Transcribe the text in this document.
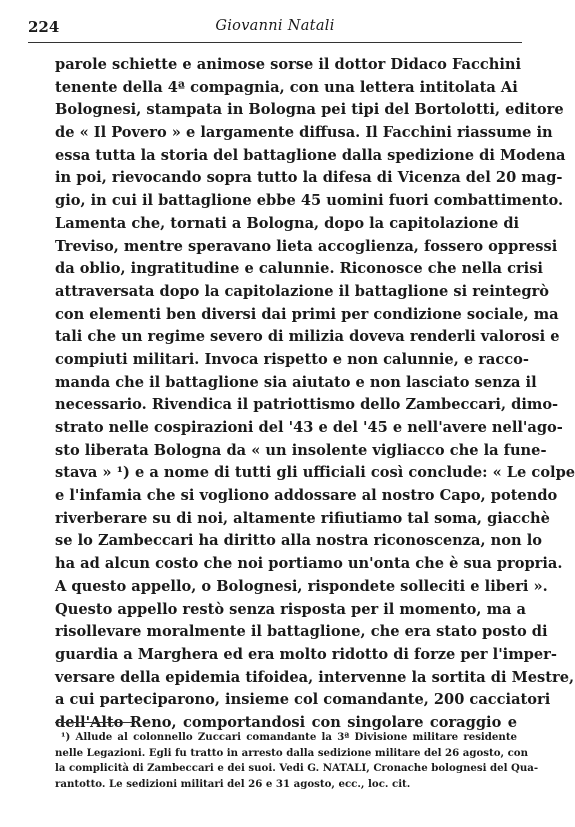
224	Giovanni Natali
parole schiette e animose sorse il dottor Didaco Facchini
tenente della 4ª compagnia, con una lettera intitolata Ai
Bolognesi, stampata in Bologna pei tipi del Bortolotti, editore
de « Il Povero » e largamente diffusa. Il Facchini riassume in
essa tutta la storia del battaglione dalla spedizione di Modena
in poi, rievocando sopra tutto la difesa di Vicenza del 20 mag-
gio, in cui il battaglione ebbe 45 uomini fuori combattimento.
Lamenta che, tornati a Bologna, dopo la capitolazione di
Treviso, mentre speravano lieta accoglienza, fossero oppressi
da oblio, ingratitudine e calunnie. Riconosce che nella crisi
attraversata dopo la capitolazione il battaglione si reintegrò
con elementi ben diversi dai primi per condizione sociale, ma
tali che un regime severo di milizia doveva renderli valorosi e
compiuti militari. Invoca rispetto e non calunnie, e racco-
manda che il battaglione sia aiutato e non lasciato senza il
necessario. Rivendica il patriottismo dello Zambeccari, dimo-
strato nelle cospirazioni del '43 e del '45 e nell'avere nell'ago-
sto liberata Bologna da « un insolente vigliacco che la fune-
stava » ¹) e a nome di tutti gli ufficiali così conclude: « Le colpe
e l'infamia che si vogliono addossare al nostro Capo, potendo
riverberare su di noi, altamente rifiutiamo tal soma, giacchè
se lo Zambeccari ha diritto alla nostra riconoscenza, non lo
ha ad alcun costo che noi portiamo un'onta che è sua propria.
A questo appello, o Bolognesi, rispondete solleciti e liberi ».
Questo appello restò senza risposta per il momento, ma a
risollevare moralmente il battaglione, che era stato posto di
guardia a Marghera ed era molto ridotto di forze per l'imper-
versare della epidemia tifoidea, intervenne la sortita di Mestre,
a cui parteciparono, insieme col comandante, 200 cacciatori
dell'Alto Reno, comportandosi con singolare coraggio e
¹) Allude al colonnello Zuccari comandante la 3ª Divisione militare residente
nelle Legazioni. Egli fu tratto in arresto dalla sedizione militare del 26 agosto, con
la complicità di Zambeccari e dei suoi. Vedi G. NATALI, Cronache bolognesi del Qua-
rantotto. Le sedizioni militari del 26 e 31 agosto, ecc., loc. cit.
